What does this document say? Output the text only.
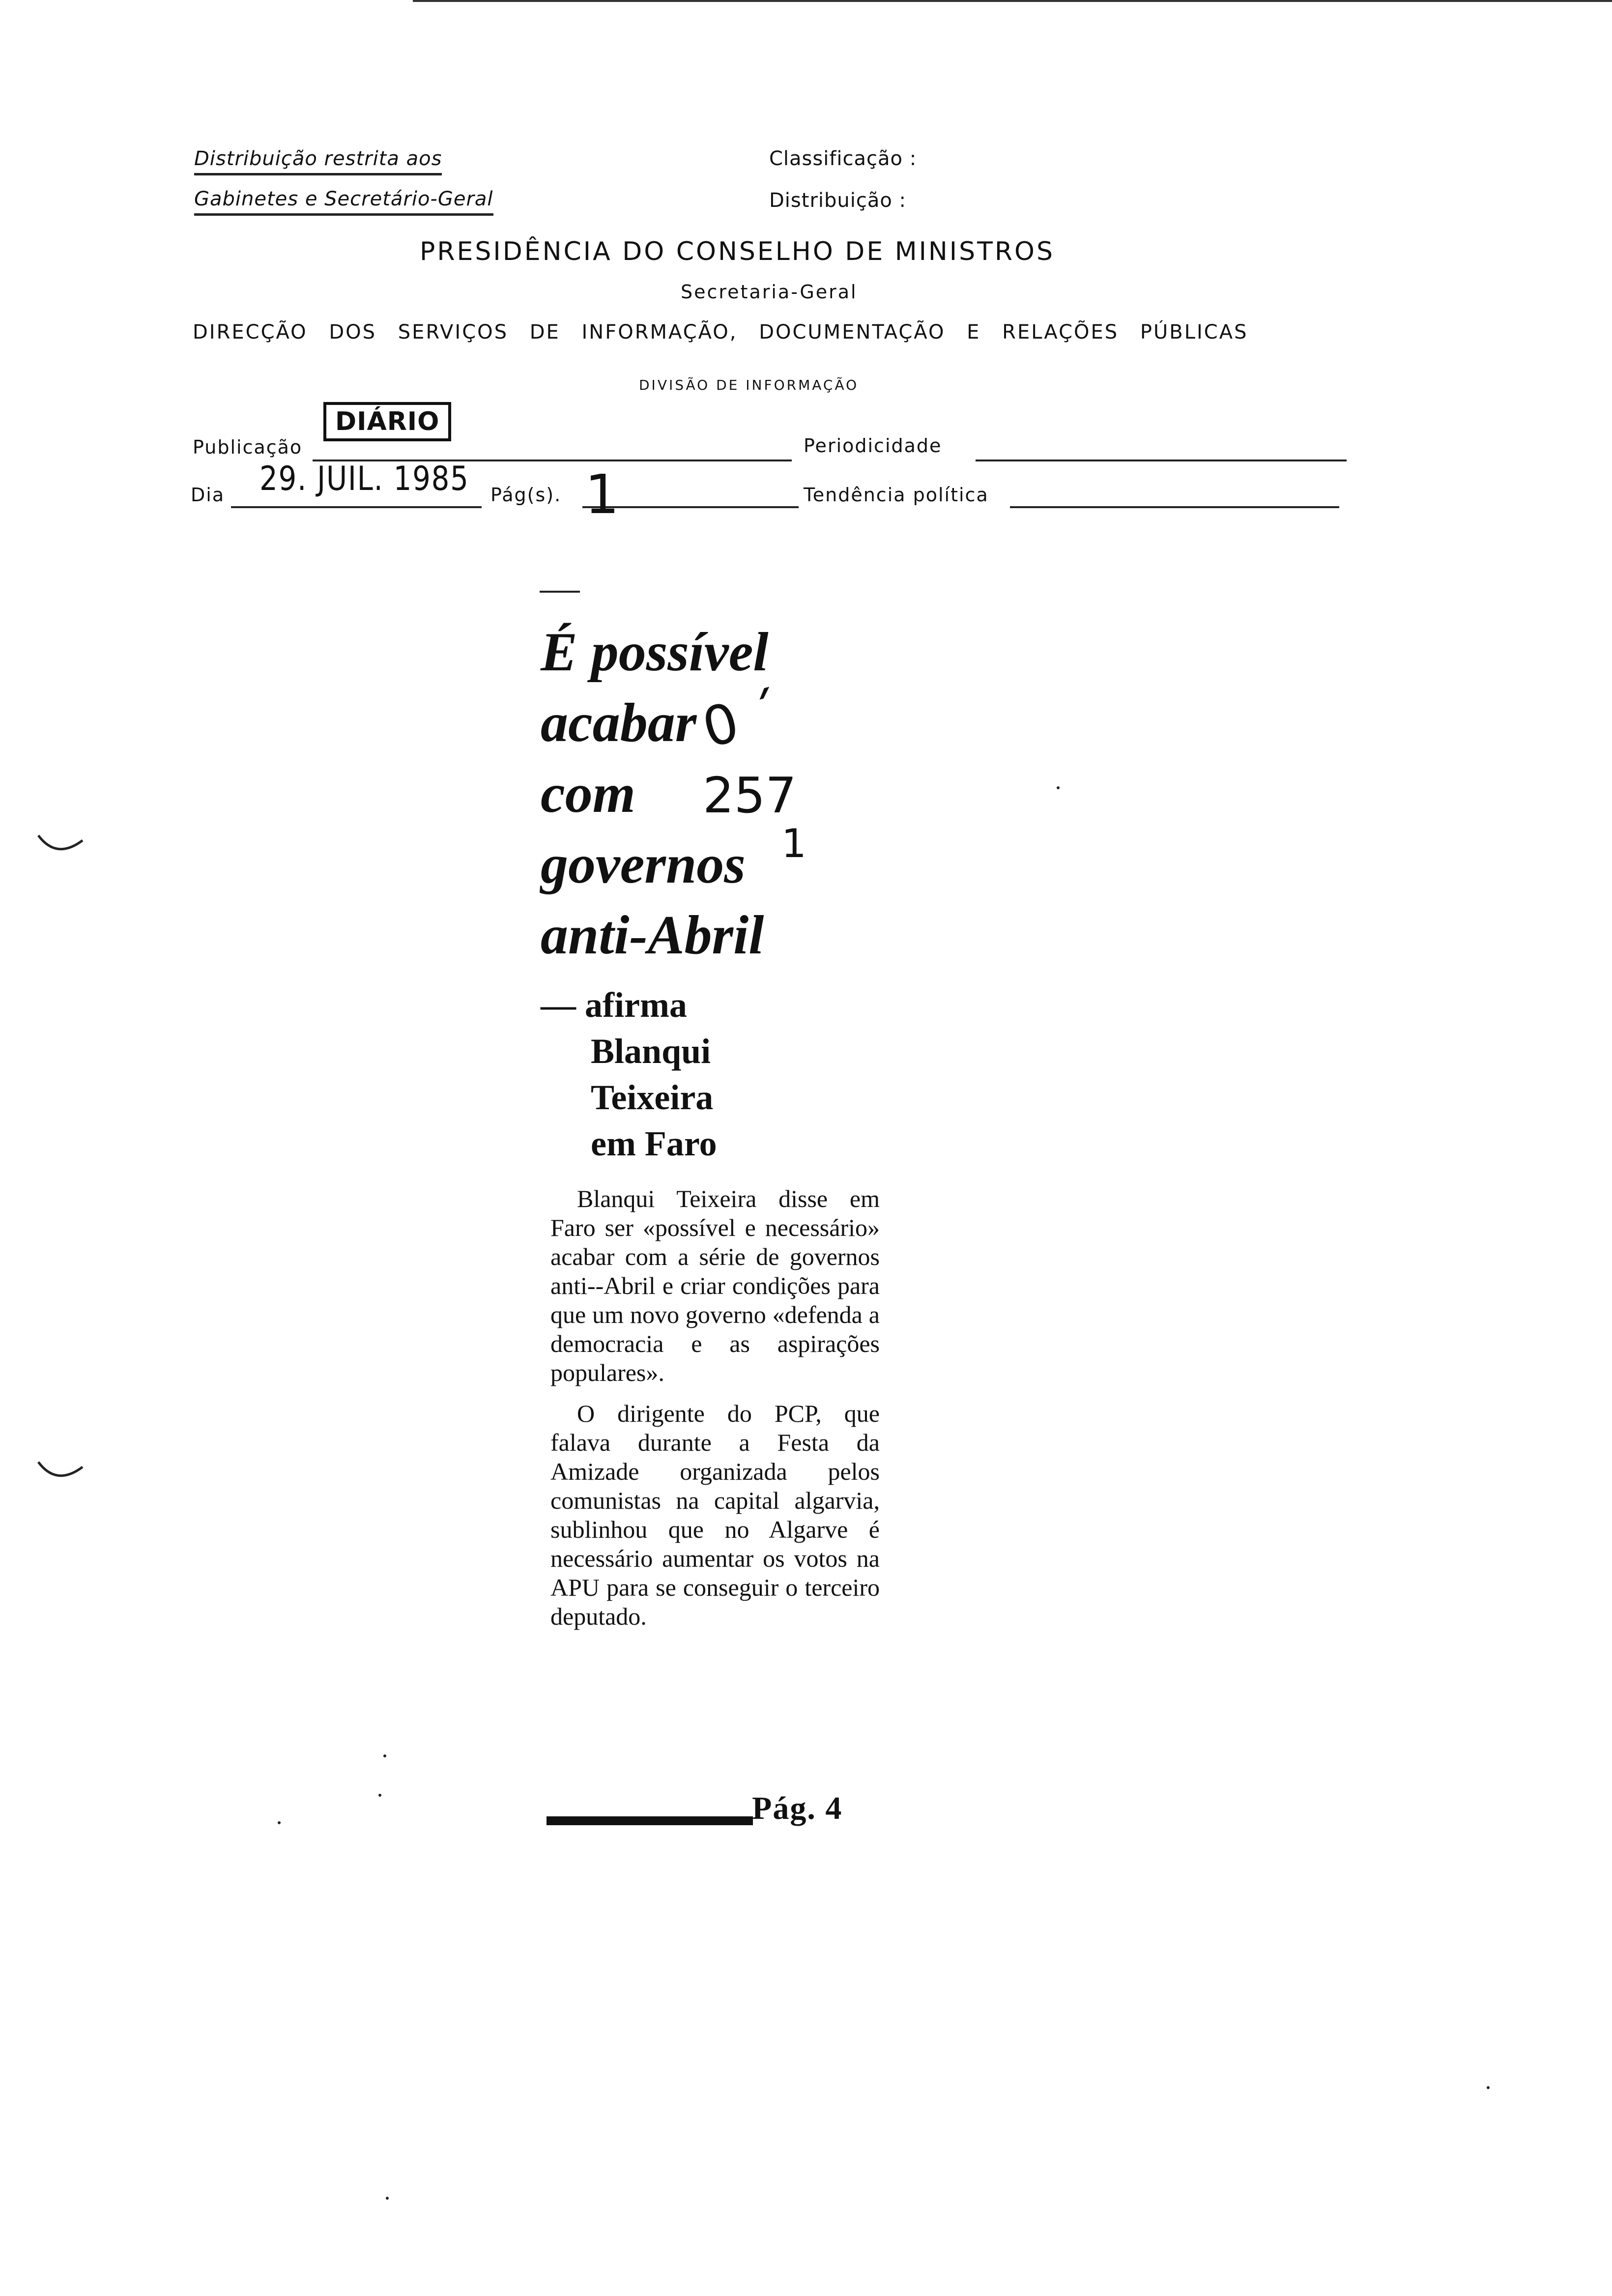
Distribuição restrita aos
Gabinetes e Secretário-Geral
Classificação :
Distribuição :
PRESIDÊNCIA DO CONSELHO DE MINISTROS
Secretaria-Geral
DIRECÇÃO DOS SERVIÇOS DE INFORMAÇÃO, DOCUMENTAÇÃO E RELAÇÕES PÚBLICAS
DIVISÃO DE INFORMAÇÃO
Publicação
DIÁRIO
Periodicidade
Dia 29. JUIL. 1985 Pág(s). 1	Tendência política
É possível
acabar
com
governos
anti-Abril
0 ´
257
1
— afirma
Blanqui
Teixeira
em Faro

Blanqui Teixeira disse em Faro ser «possível e necessário» acabar com a série de governos anti--Abril e criar condições para que um novo governo «defenda a democracia e as aspirações populares».

O dirigente do PCP, que falava durante a Festa da Amizade organizada pelos comunistas na capital algarvia, sublinhou que no Algarve é necessário aumentar os votos na APU para se conseguir o terceiro deputado.

Pág. 4
